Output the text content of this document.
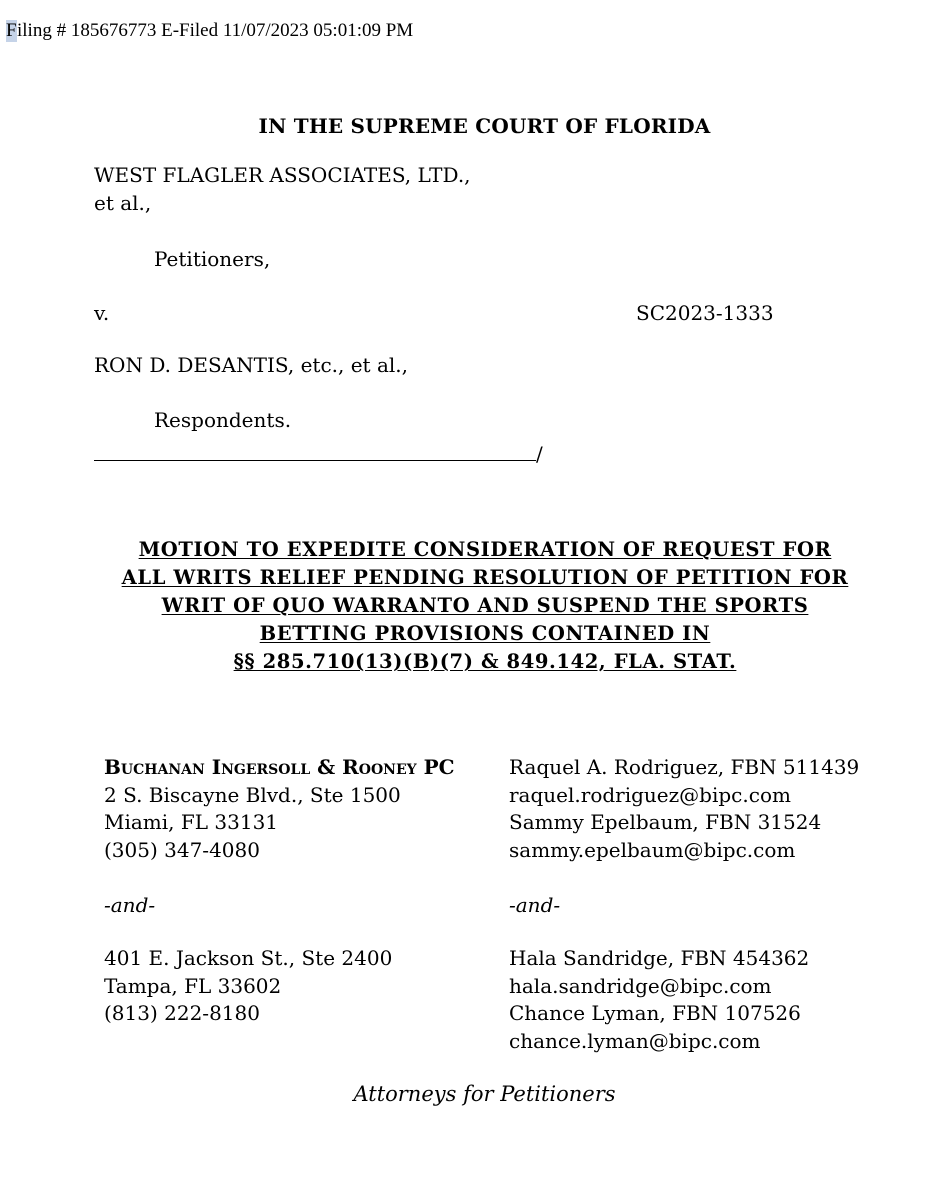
Filing # 185676773 E-Filed 11/07/2023 05:01:09 PM
IN THE SUPREME COURT OF FLORIDA
WEST FLAGLER ASSOCIATES, LTD.,
et al.,
Petitioners,
v.	SC2023-1333
RON D. DESANTIS, etc., et al.,
Respondents.
/
MOTION TO EXPEDITE CONSIDERATION OF REQUEST FOR
ALL WRITS RELIEF PENDING RESOLUTION OF PETITION FOR
WRIT OF QUO WARRANTO AND SUSPEND THE SPORTS
BETTING PROVISIONS CONTAINED IN
§§ 285.710(13)(B)(7) & 849.142, FLA. STAT.
Buchanan Ingersoll & Rooney PC
2 S. Biscayne Blvd., Ste 1500
Miami, FL 33131
(305) 347-4080
-and-
401 E. Jackson St., Ste 2400
Tampa, FL 33602
(813) 222-8180
Raquel A. Rodriguez, FBN 511439
raquel.rodriguez@bipc.com
Sammy Epelbaum, FBN 31524
sammy.epelbaum@bipc.com
-and-
Hala Sandridge, FBN 454362
hala.sandridge@bipc.com
Chance Lyman, FBN 107526
chance.lyman@bipc.com
Attorneys for Petitioners
